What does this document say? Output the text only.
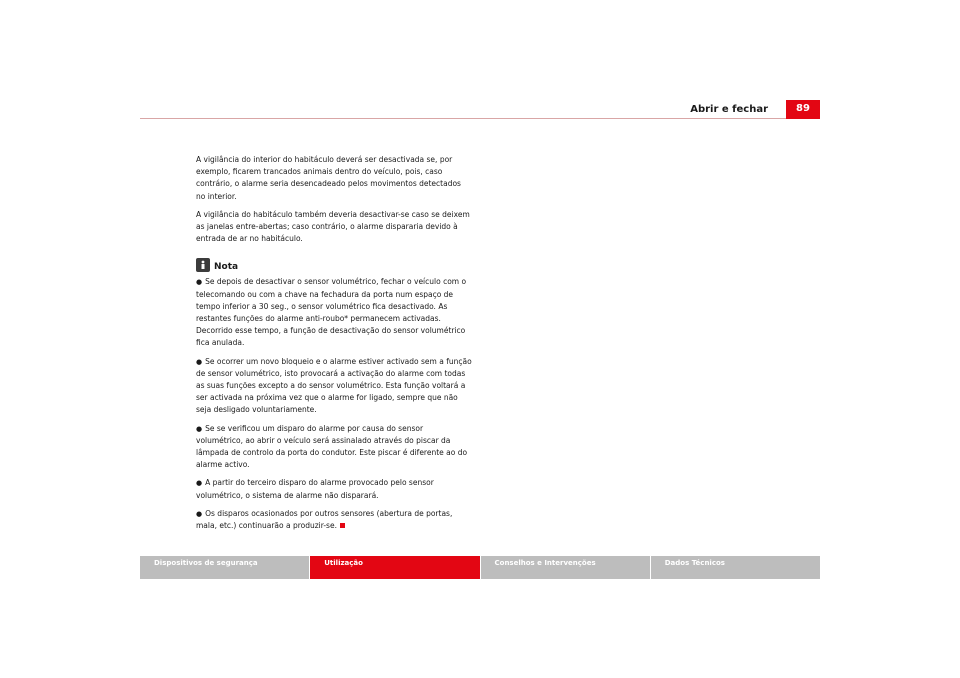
Abrir e fechar	89

A vigilância do interior do habitáculo deverá ser desactivada se, por exemplo, ficarem trancados animais dentro do veículo, pois, caso contrário, o alarme seria desencadeado pelos movimentos detectados no interior.

A vigilância do habitáculo também deveria desactivar-se caso se deixem as janelas entre-abertas; caso contrário, o alarme dispararia devido à entrada de ar no habitáculo.

Nota

● Se depois de desactivar o sensor volumétrico, fechar o veículo com o telecomando ou com a chave na fechadura da porta num espaço de tempo inferior a 30 seg., o sensor volumétrico fica desactivado. As restantes funções do alarme anti-roubo* permanecem activadas. Decorrido esse tempo, a função de desactivação do sensor volumétrico fica anulada.

● Se ocorrer um novo bloqueio e o alarme estiver activado sem a função de sensor volumétrico, isto provocará a activação do alarme com todas as suas funções excepto a do sensor volumétrico. Esta função voltará a ser activada na próxima vez que o alarme for ligado, sempre que não seja desligado voluntariamente.

● Se se verificou um disparo do alarme por causa do sensor volumétrico, ao abrir o veículo será assinalado através do piscar da lâmpada de controlo da porta do condutor. Este piscar é diferente ao do alarme activo.

● A partir do terceiro disparo do alarme provocado pelo sensor volumétrico, o sistema de alarme não disparará.

● Os disparos ocasionados por outros sensores (abertura de portas, mala, etc.) continuarão a produzir-se.

Dispositivos de segurança	Utilização	Conselhos e Intervenções	Dados Técnicos
